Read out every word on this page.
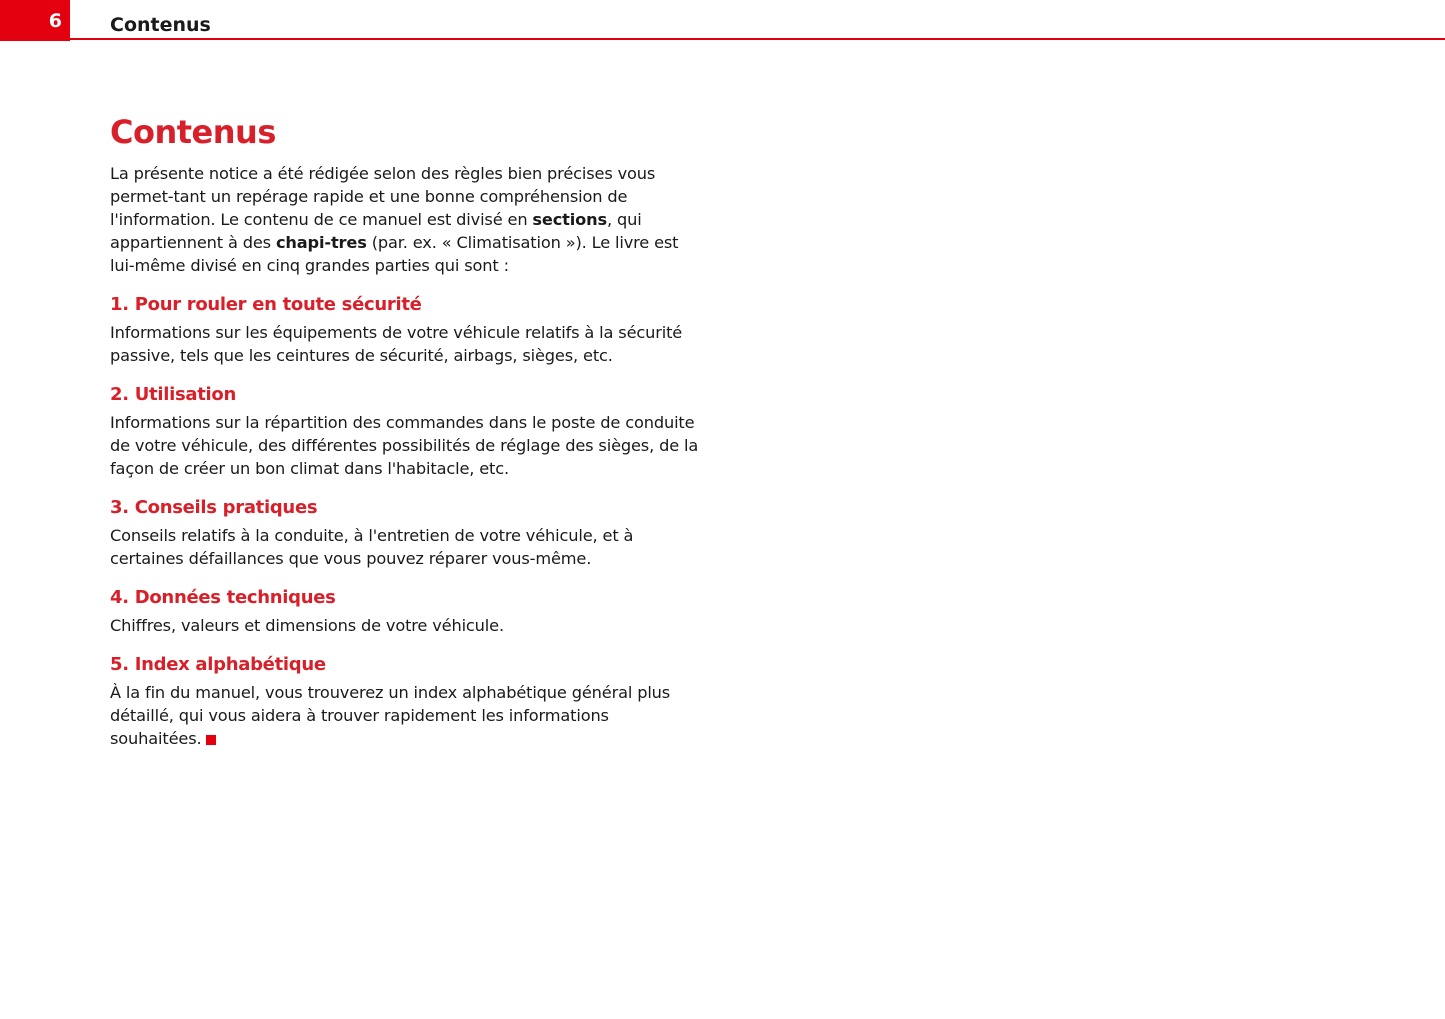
6	Contenus
Contenus

La présente notice a été rédigée selon des règles bien précises vous permet-tant un repérage rapide et une bonne compréhension de l'information. Le contenu de ce manuel est divisé en sections, qui appartiennent à des chapi-tres (par. ex. « Climatisation »). Le livre est lui-même divisé en cinq grandes parties qui sont :

1. Pour rouler en toute sécurité

Informations sur les équipements de votre véhicule relatifs à la sécurité passive, tels que les ceintures de sécurité, airbags, sièges, etc.

2. Utilisation

Informations sur la répartition des commandes dans le poste de conduite de votre véhicule, des différentes possibilités de réglage des sièges, de la façon de créer un bon climat dans l'habitacle, etc.

3. Conseils pratiques

Conseils relatifs à la conduite, à l'entretien de votre véhicule, et à certaines défaillances que vous pouvez réparer vous-même.

4. Données techniques

Chiffres, valeurs et dimensions de votre véhicule.

5. Index alphabétique

À la fin du manuel, vous trouverez un index alphabétique général plus détaillé, qui vous aidera à trouver rapidement les informations souhaitées.
